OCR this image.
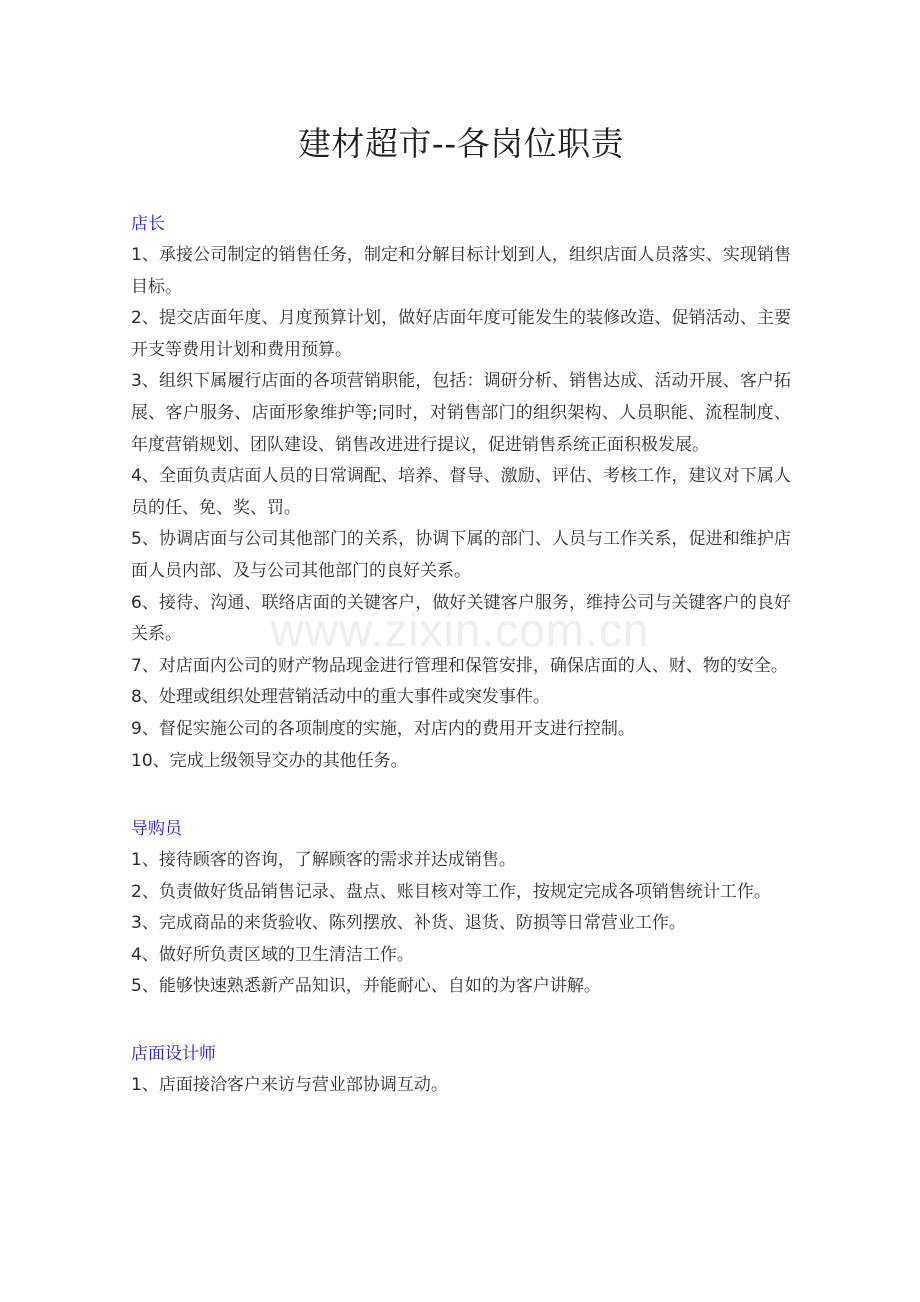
www.zixin.com.cn
建材超市--各岗位职责
店长
1、承接公司制定的销售任务，制定和分解目标计划到人，组织店面人员落实、实现销售目标。
2、提交店面年度、月度预算计划，做好店面年度可能发生的装修改造、促销活动、主要开支等费用计划和费用预算。
3、组织下属履行店面的各项营销职能，包括：调研分析、销售达成、活动开展、客户拓展、客户服务、店面形象维护等;同时，对销售部门的组织架构、人员职能、流程制度、年度营销规划、团队建设、销售改进进行提议，促进销售系统正面积极发展。
4、全面负责店面人员的日常调配、培养、督导、激励、评估、考核工作，建议对下属人员的任、免、奖、罚。
5、协调店面与公司其他部门的关系，协调下属的部门、人员与工作关系，促进和维护店面人员内部、及与公司其他部门的良好关系。
6、接待、沟通、联络店面的关键客户，做好关键客户服务，维持公司与关键客户的良好关系。
7、对店面内公司的财产物品现金进行管理和保管安排，确保店面的人、财、物的安全。
8、处理或组织处理营销活动中的重大事件或突发事件。
9、督促实施公司的各项制度的实施，对店内的费用开支进行控制。
10、完成上级领导交办的其他任务。
导购员
1、接待顾客的咨询，了解顾客的需求并达成销售。
2、负责做好货品销售记录、盘点、账目核对等工作，按规定完成各项销售统计工作。
3、完成商品的来货验收、陈列摆放、补货、退货、防损等日常营业工作。
4、做好所负责区域的卫生清洁工作。
5、能够快速熟悉新产品知识，并能耐心、自如的为客户讲解。
店面设计师
1、店面接洽客户来访与营业部协调互动。
